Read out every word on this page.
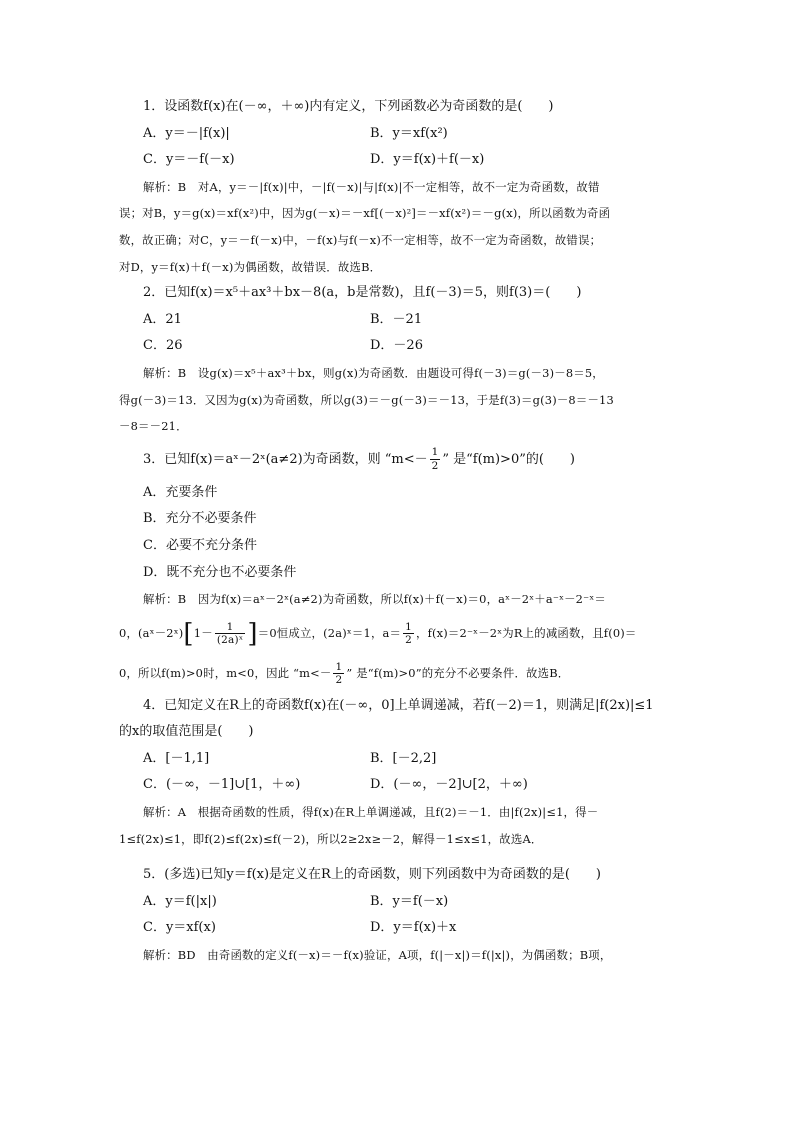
1．设函数f(x)在(－∞，＋∞)内有定义，下列函数必为奇函数的是(　　)
A．y＝－|f(x)|	B．y＝xf(x²)
C．y＝－f(－x)	D．y＝f(x)＋f(－x)
解析：B　对A，y＝－|f(x)|中，－|f(－x)|与|f(x)|不一定相等，故不一定为奇函数，故错
误；对B，y＝g(x)＝xf(x²)中，因为g(－x)＝－xf[(－x)²]＝－xf(x²)＝－g(x)，所以函数为奇函
数，故正确；对C，y＝－f(－x)中，－f(x)与f(－x)不一定相等，故不一定为奇函数，故错误；
对D，y＝f(x)＋f(－x)为偶函数，故错误．故选B．
2．已知f(x)＝x⁵＋ax³＋bx－8(a，b是常数)，且f(－3)＝5，则f(3)＝(　　)
A．21	B．－21
C．26	D．－26
解析：B　设g(x)＝x⁵＋ax³＋bx，则g(x)为奇函数．由题设可得f(－3)＝g(－3)－8＝5，
得g(－3)＝13．又因为g(x)为奇函数，所以g(3)＝－g(－3)＝－13，于是f(3)＝g(3)－8＝－13
－8＝－21．
3．已知f(x)＝aˣ－2ˣ(a≠2)为奇函数，则 “$m<- \frac{1}{2}$ ” 是“f(m)>0”的(　　)
A．充要条件
B．充分不必要条件
C．必要不充分条件
D．既不充分也不必要条件
解析：B　因为f(x)＝aˣ－2ˣ(a≠2)为奇函数，所以f(x)＋f(－x)＝0，aˣ－2ˣ＋a⁻ˣ－2⁻ˣ＝
0，(aˣ－2ˣ)[1－ $\frac{1}{\text{(2a)ˣ}} ]=0$恒成立，(2a)ˣ＝1，$a= \frac{1}{2}$ ，f(x)＝2⁻ˣ－2ˣ为R上的减函数，且f(0)＝
0，所以f(m)>0时，m<0，因此 “$m<- \frac{1}{2}$ ” 是“f(m)>0”的充分不必要条件．故选B．
4．已知定义在R上的奇函数f(x)在(－∞，0]上单调递减，若f(－2)＝1，则满足|f(2x)|≤1
的x的取值范围是(　　)
A．[－1,1]	B．[－2,2]
C．(－∞，－1]∪[1，＋∞)	D．(－∞，－2]∪[2，＋∞)
解析：A　根据奇函数的性质，得f(x)在R上单调递减，且f(2)＝－1．由|f(2x)|≤1，得－
1≤f(2x)≤1，即f(2)≤f(2x)≤f(－2)，所以2≥2x≥－2，解得－1≤x≤1，故选A．
5．(多选)已知y＝f(x)是定义在R上的奇函数，则下列函数中为奇函数的是(　　)
A．y＝f(|x|)	B．y＝f(－x)
C．y＝xf(x)	D．y＝f(x)＋x
解析：BD　由奇函数的定义f(－x)＝－f(x)验证，A项，f(|－x|)＝f(|x|)，为偶函数；B项，
